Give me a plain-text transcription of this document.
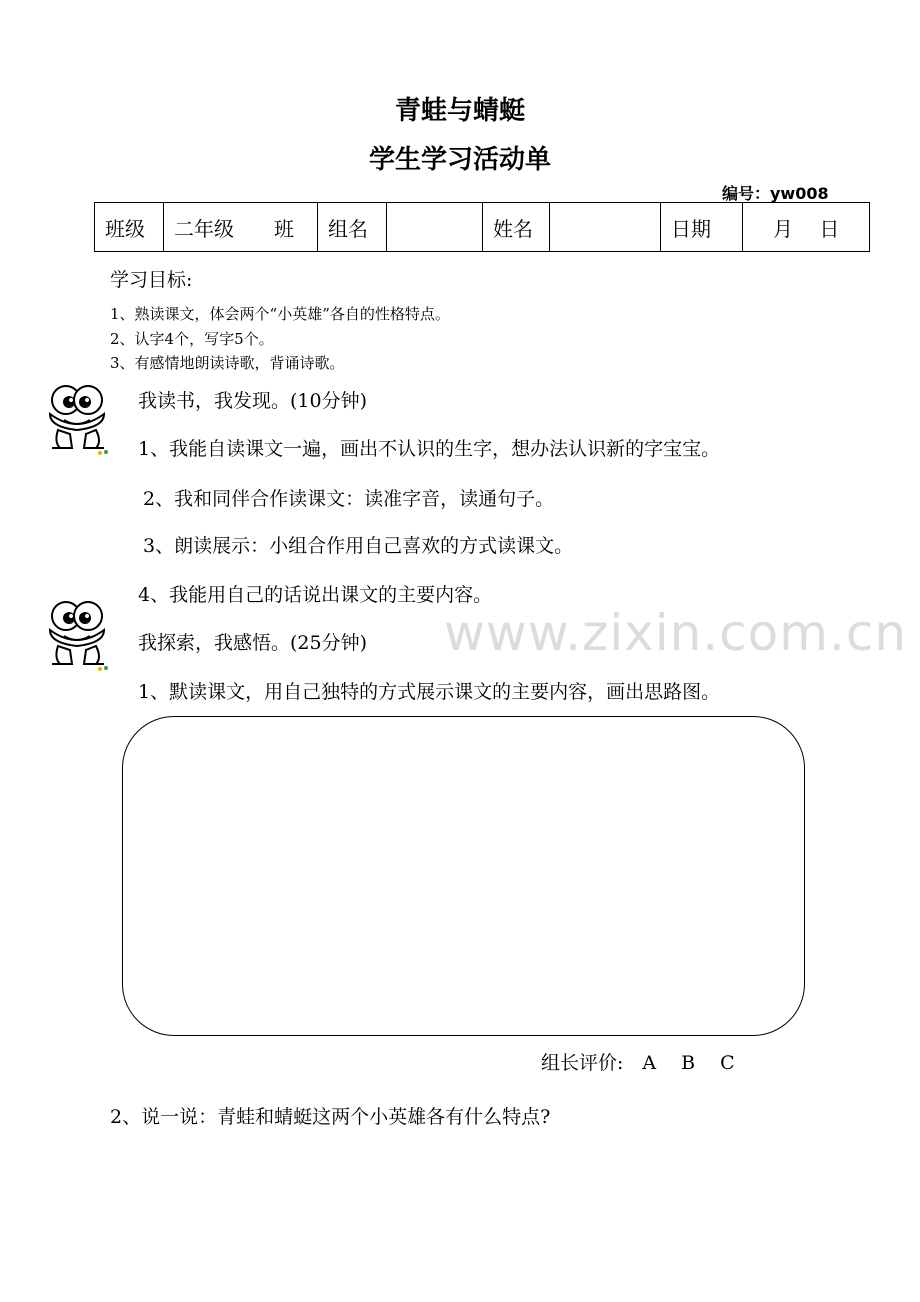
青蛙与蜻蜓
学生学习活动单
编号：yw008
班级	二年级　　班	组名		姓名		日期	月　 日
学习目标:
1、熟读课文，体会两个“小英雄”各自的性格特点。
2、认字4个，写字5个。
3、有感情地朗读诗歌，背诵诗歌。
我读书，我发现。(10分钟)
1、我能自读课文一遍，画出不认识的生字，想办法认识新的字宝宝。
2、我和同伴合作读课文：读准字音，读通句子。
3、朗读展示：小组合作用自己喜欢的方式读课文。
4、我能用自己的话说出课文的主要内容。
www.zixin.com.cn
我探索，我感悟。(25分钟)
1、默读课文，用自己独特的方式展示课文的主要内容，画出思路图。
组长评价:　A　 B　 C
2、说一说：青蛙和蜻蜓这两个小英雄各有什么特点?
